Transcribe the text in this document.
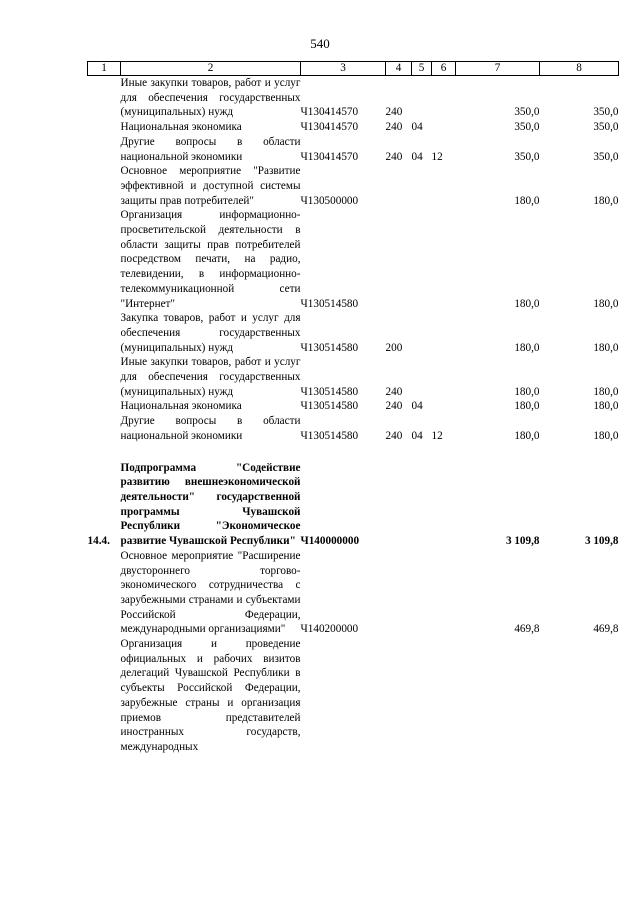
540
1	2	3	4	5	6	7	8
	Иные закупки товаров, работ и услуг для обеспечения государственных (муниципальных) нужд	Ч130414570	240			350,0	350,0
	Национальная экономика	Ч130414570	240	04		350,0	350,0
	Другие вопросы в области национальной экономики	Ч130414570	240	04	12	350,0	350,0
	Основное мероприятие "Развитие эффективной и доступной системы защиты прав потребителей"	Ч130500000				180,0	180,0
	Организация информационно-просветительской деятельности в области защиты прав потребителей посредством печати, на радио, телевидении, в информационно-телекоммуникационной сети "Интернет"	Ч130514580				180,0	180,0
	Закупка товаров, работ и услуг для обеспечения государственных (муниципальных) нужд	Ч130514580	200			180,0	180,0
	Иные закупки товаров, работ и услуг для обеспечения государственных (муниципальных) нужд	Ч130514580	240			180,0	180,0
	Национальная экономика	Ч130514580	240	04		180,0	180,0
	Другие вопросы в области национальной экономики	Ч130514580	240	04	12	180,0	180,0

14.4.	Подпрограмма "Содействие развитию внешнеэкономической деятельности" государственной программы Чувашской Республики "Экономическое развитие Чувашской Республики"	Ч140000000				3 109,8	3 109,8
	Основное мероприятие "Расширение двустороннего торгово-экономического сотрудничества с зарубежными странами и субъектами Российской Федерации, международными организациями"	Ч140200000				469,8	469,8
	Организация и проведение официальных и рабочих визитов делегаций Чувашской Республики в субъекты Российской Федерации, зарубежные страны и организация приемов представителей иностранных государств, международных						
